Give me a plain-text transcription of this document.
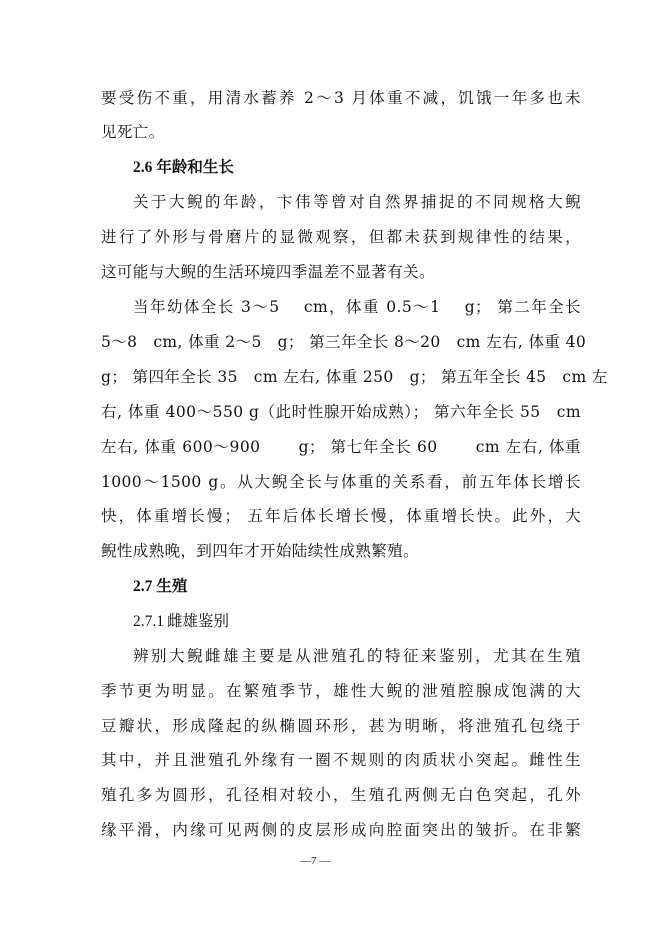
要受伤不重，用清水蓄养 2～3 月体重不减，饥饿一年多也未
见死亡。
2.6 年龄和生长
关于大鲵的年龄，卞伟等曾对自然界捕捉的不同规格大鲵
进行了外形与骨磨片的显微观察，但都未获到规律性的结果，
这可能与大鲵的生活环境四季温差不显著有关。
当年幼体全长 3～5　 cm，体重 0.5～1　 g； 第二年全长
5～8　cm, 体重 2～5　g； 第三年全长 8～20　cm 左右, 体重 40
g； 第四年全长 35　cm 左右, 体重 250　g； 第五年全长 45　cm 左
右, 体重 400～550 g（此时性腺开始成熟）； 第六年全长 55　cm
左右, 体重 600～900　　 g； 第七年全长 60　　 cm 左右, 体重
1000～1500 g。从大鲵全长与体重的关系看，前五年体长增长
快，体重增长慢； 五年后体长增长慢，体重增长快。此外，大
鲵性成熟晚，到四年才开始陆续性成熟繁殖。
2.7 生殖
2.7.1 雌雄鉴别
辨别大鲵雌雄主要是从泄殖孔的特征来鉴别，尤其在生殖
季节更为明显。在繁殖季节，雄性大鲵的泄殖腔腺成饱满的大
豆瓣状，形成隆起的纵椭圆环形，甚为明晰，将泄殖孔包绕于
其中，并且泄殖孔外缘有一圈不规则的肉质状小突起。雌性生
殖孔多为圆形，孔径相对较小，生殖孔两侧无白色突起，孔外
缘平滑，内缘可见两侧的皮层形成向腔面突出的皱折。在非繁
—7 —
